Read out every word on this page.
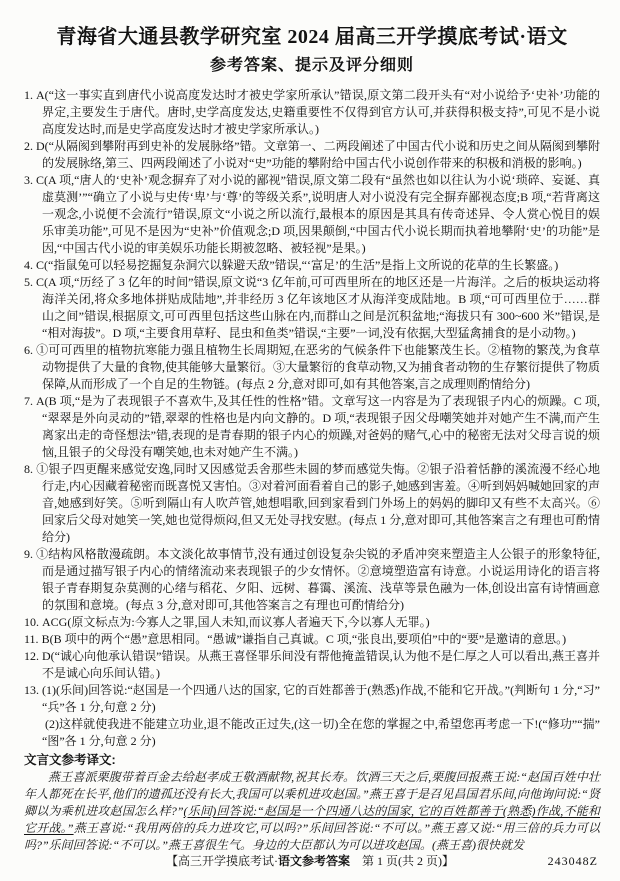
青海省大通县教学研究室 2024 届高三开学摸底考试·语文
参考答案、提示及评分细则
1. A(“这一事实直到唐代小说高度发达时才被史学家所承认”错误,原文第二段开头有“对小说给予‘史补’功能的界定,主要发生于唐代。唐时,史学高度发达,史籍重要性不仅得到官方认可,并获得积极支持”,可见不是小说高度发达时,而是史学高度发达时才被史学家所承认。)
2. D(“从隔阂到攀附再到史补的发展脉络”错。文章第一、二两段阐述了中国古代小说和历史之间从隔阂到攀附的发展脉络,第三、四两段阐述了小说对“史”功能的攀附给中国古代小说创作带来的积极和消极的影响。)
3. C(A 项,“唐人的‘史补’观念摒弃了对小说的鄙视”错误,原文第二段有“虽然也如以往认为小说‘琐碎、妄诞、真虚莫测’”“确立了小说与史传‘卑’与‘尊’的等级关系”,说明唐人对小说没有完全摒弃鄙视态度;B 项,“若背离这一观念,小说便不会流行”错误,原文“小说之所以流行,最根本的原因是其具有传奇述异、令人赏心悦目的娱乐审美功能”,可见不是因为“史补”价值观念;D 项,因果颠倒,“中国古代小说长期而执着地攀附‘史’的功能”是因,“中国古代小说的审美娱乐功能长期被忽略、被轻视”是果。)
4. C(“指鼠兔可以轻易挖掘复杂洞穴以躲避天敌”错误,“‘富足’的生活”是指上文所说的花草的生长繁盛。)
5. C(A 项,“历经了 3 亿年的时间”错误,原文说“3 亿年前,可可西里所在的地区还是一片海洋。之后的板块运动将海洋关闭,将众多地体拼贴成陆地”,并非经历 3 亿年该地区才从海洋变成陆地。B 项,“可可西里位于……群山之间”错误,根据原文,可可西里包括这些山脉在内,而群山之间是沉积盆地;“海拔只有 300~600 米”错误,是“相对海拔”。D 项,“主要食用草籽、昆虫和鱼类”错误,“主要”一词,没有依据,大型猛禽捕食的是小动物。)
6. ①可可西里的植物抗寒能力强且植物生长周期短,在恶劣的气候条件下也能繁茂生长。②植物的繁茂,为食草动物提供了大量的食物,使其能够大量繁衍。③大量繁衍的食草动物,又为捕食者动物的生存繁衍提供了物质保障,从而形成了一个自足的生物链。(每点 2 分,意对即可,如有其他答案,言之成理则酌情给分)
7. A(B 项,“是为了表现银子不喜欢牛,及其任性的性格”错。文章写这一内容是为了表现银子内心的烦躁。C 项,“翠翠是外向灵动的”错,翠翠的性格也是内向文静的。D 项,“表现银子因父母嘲笑她并对她产生不满,而产生离家出走的奇怪想法”错,表现的是青春期的银子内心的烦躁,对爸妈的赌气,心中的秘密无法对父母言说的烦恼,且银子的父母没有嘲笑她,也未对她产生不满。)
8. ①银子四更醒来感觉安逸,同时又因感觉丢舍那些未圆的梦而感觉失悔。②银子沿着恬静的溪流漫不经心地行走,内心因藏着秘密而既喜悦又害怕。③对着河面看着自己的影子,她感到害羞。④听到妈妈喊她回家的声音,她感到好笑。⑤听到隔山有人吹芦管,她想唱歌,回到家看到门外场上的妈妈的脚印又有些不太高兴。⑥回家后父母对她笑一笑,她也觉得烦闷,但又无处寻找安慰。(每点 1 分,意对即可,其他答案言之有理也可酌情给分)
9. ①结构风格散漫疏朗。本文淡化故事情节,没有通过创设复杂尖锐的矛盾冲突来塑造主人公银子的形象特征,而是通过描写银子内心的情绪流动来表现银子的少女情怀。②意境塑造富有诗意。小说运用诗化的语言将银子青春期复杂莫测的心绪与稻花、夕阳、远树、暮霭、溪流、浅草等景色融为一体,创设出富有诗情画意的氛围和意境。(每点 3 分,意对即可,其他答案言之有理也可酌情给分)
10. ACG(原文标点为:今寡人之罪,国人未知,而议寡人者遍天下,今以寡人无罪。)
11. B(B 项中的两个“愚”意思相同。“愚诚”谦指自己真诚。C 项,“张良出,要项伯”中的“要”是邀请的意思。)
12. D(“诚心向他承认错误”错误。从燕王喜怪罪乐间没有帮他掩盖错误,认为他不是仁厚之人可以看出,燕王喜并不是诚心向乐间认错。)
13. (1)(乐间)回答说:“赵国是一个四通八达的国家, 它的百姓都善于(熟悉)作战,不能和它开战。”(判断句 1 分,“习”“兵”各 1 分,句意 2 分)
(2)这样就使我进不能建立功业,退不能改正过失,(这一切)全在您的掌握之中,希望您再考虑一下!(“修功”“揣”“图”各 1 分,句意 2 分)
文言文参考译文:

燕王喜派栗腹带着百金去给赵孝成王敬酒献物,祝其长寿。饮酒三天之后,栗腹回报燕王说:“赵国百姓中壮年人都死在长平,他们的遗孤还没有长大,我国可以乘机进攻赵国。”燕王喜于是召见昌国君乐间,向他询问说:“贤卿以为乘机进攻赵国怎么样?”(乐间)回答说:“赵国是一个四通八达的国家, 它的百姓都善于(熟悉)作战,不能和它开战。”燕王喜说:“我用两倍的兵力进攻它,可以吗?”乐间回答说:“不可以。”燕王喜又说:“用三倍的兵力可以吗?”乐间回答说:“不可以。”燕王喜很生气。身边的大臣都认为可以进攻赵国。(燕王喜)很快就发

【高三开学摸底考试·语文参考答案　第 1 页(共 2 页)】	243048Z
